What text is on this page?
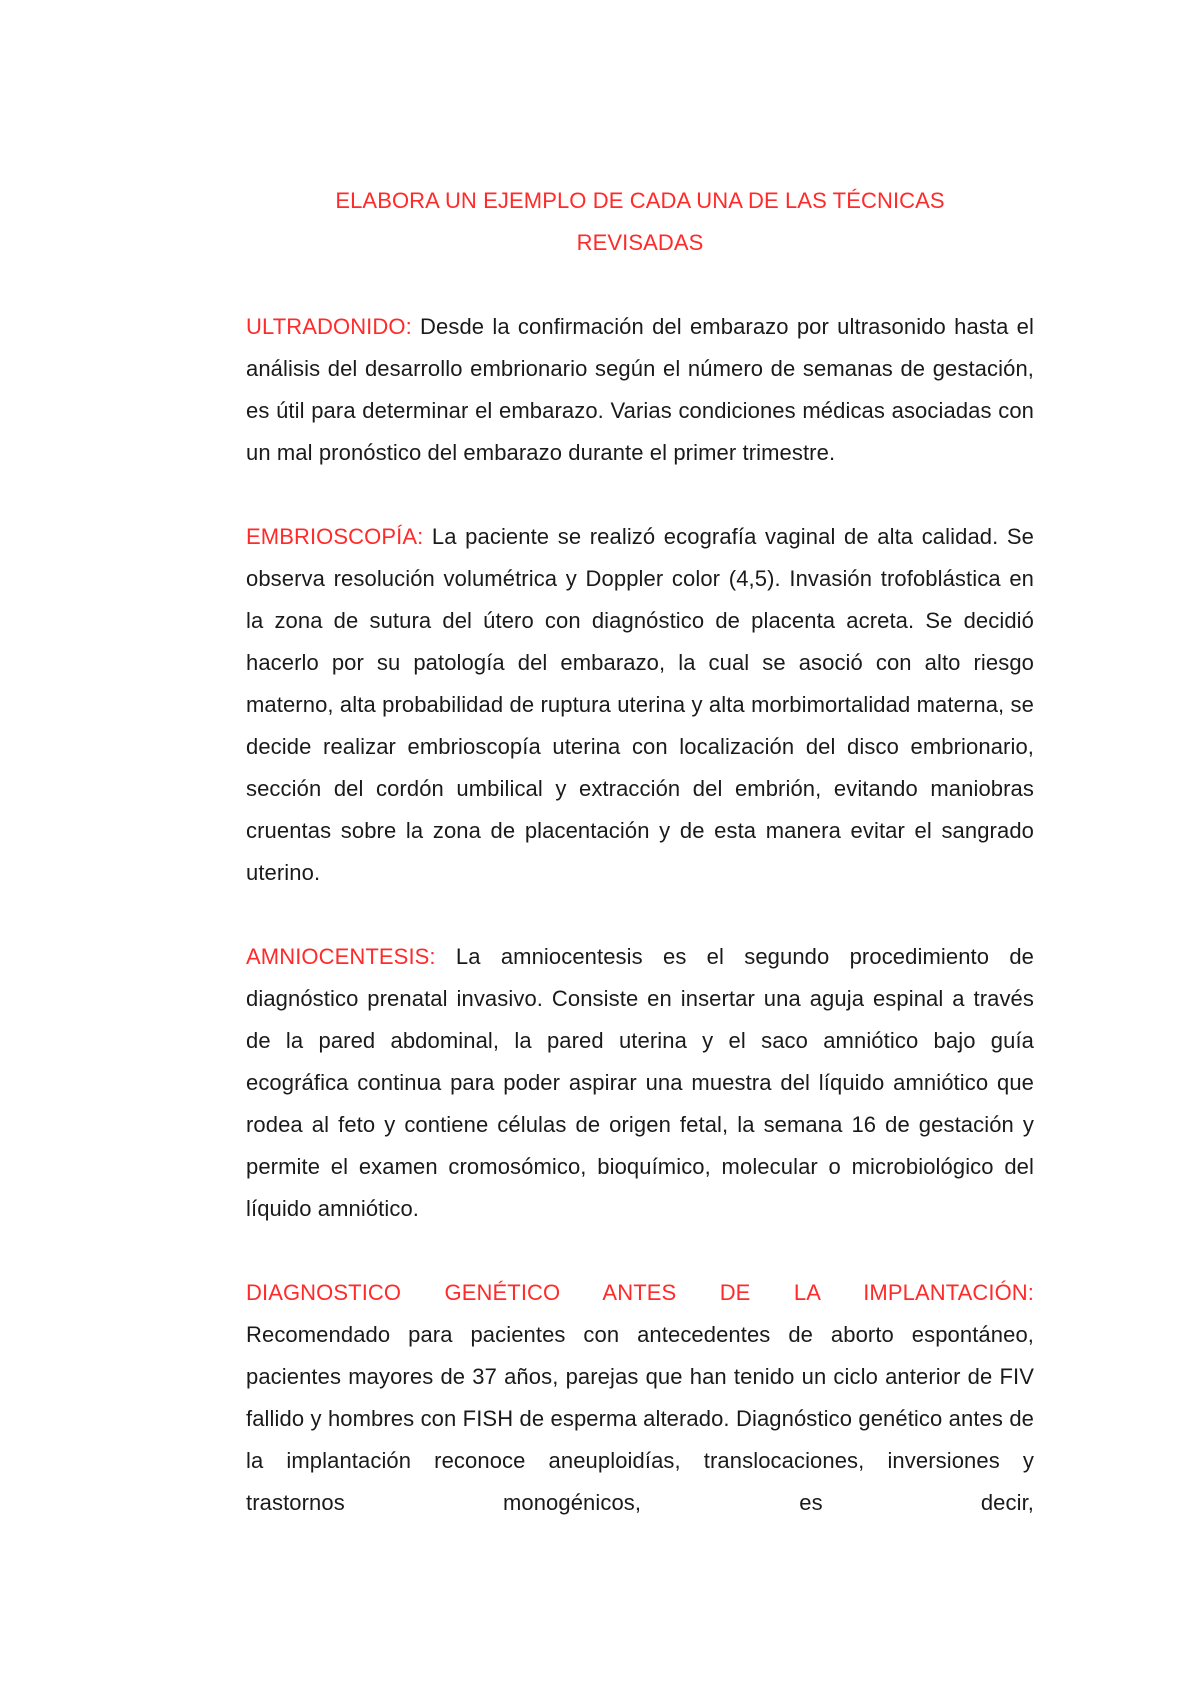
ELABORA UN EJEMPLO DE CADA UNA DE LAS TÉCNICAS
REVISADAS

ULTRADONIDO: Desde la confirmación del embarazo por ultrasonido hasta el análisis del desarrollo embrionario según el número de semanas de gestación, es útil para determinar el embarazo. Varias condiciones médicas asociadas con un mal pronóstico del embarazo durante el primer trimestre.

EMBRIOSCOPÍA: La paciente se realizó ecografía vaginal de alta calidad. Se observa resolución volumétrica y Doppler color (4,5). Invasión trofoblástica en la zona de sutura del útero con diagnóstico de placenta acreta. Se decidió hacerlo por su patología del embarazo, la cual se asoció con alto riesgo materno, alta probabilidad de ruptura uterina y alta morbimortalidad materna, se decide realizar embrioscopía uterina con localización del disco embrionario, sección del cordón umbilical y extracción del embrión, evitando maniobras cruentas sobre la zona de placentación y de esta manera evitar el sangrado uterino.

AMNIOCENTESIS: La amniocentesis es el segundo procedimiento de diagnóstico prenatal invasivo. Consiste en insertar una aguja espinal a través de la pared abdominal, la pared uterina y el saco amniótico bajo guía ecográfica continua para poder aspirar una muestra del líquido amniótico que rodea al feto y contiene células de origen fetal, la semana 16 de gestación y permite el examen cromosómico, bioquímico, molecular o microbiológico del líquido amniótico.

DIAGNOSTICO GENÉTICO ANTES DE LA IMPLANTACIÓN:
Recomendado para pacientes con antecedentes de aborto espontáneo, pacientes mayores de 37 años, parejas que han tenido un ciclo anterior de FIV fallido y hombres con FISH de esperma alterado. Diagnóstico genético antes de la implantación reconoce aneuploidías, translocaciones, inversiones y trastornos monogénicos, es decir,
